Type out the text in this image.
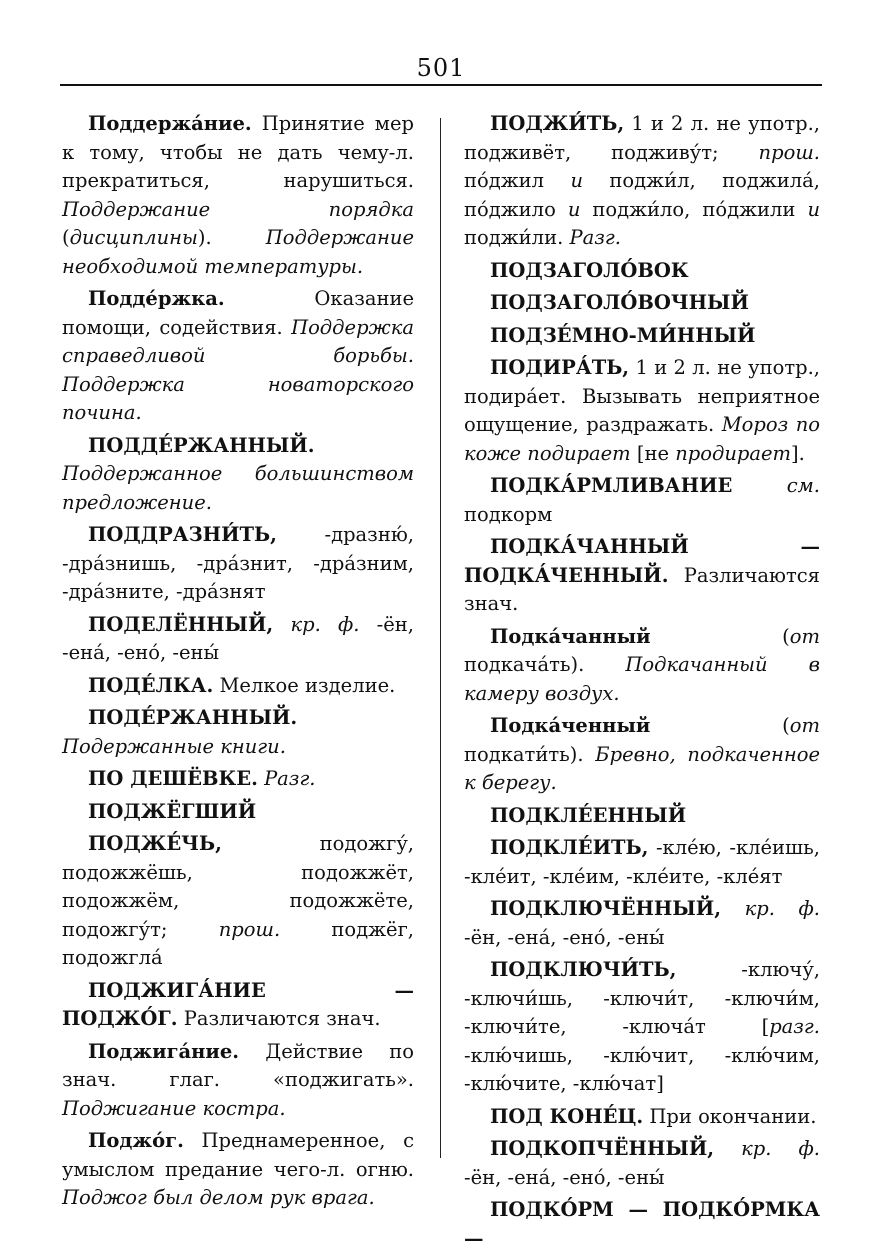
501
Поддержа́ние. Принятие мер к тому, чтобы не дать чему-л. прекратиться, нарушиться. Поддержание порядка (дисциплины). Поддержание необходимой температуры.
Подде́ржка. Оказание помощи, содействия. Поддержка справедливой борьбы. Поддержка новаторского почина.
ПОДДЕ́РЖАННЫЙ. Поддержанное большинством предложение.
ПОДДРАЗНИ́ТЬ, -дразню́, -дра́знишь, -дра́знит, -дра́зним, -дра́зните, -дра́знят
ПОДЕЛЁННЫЙ, кр. ф. -ён, -ена́, -ено́, -ены́
ПОДЕ́ЛКА. Мелкое изделие.
ПОДЕ́РЖАННЫЙ. Подержанные книги.
ПО ДЕШЁВКЕ. Разг.
ПОДЖЁГШИЙ
ПОДЖЕ́ЧЬ, подожгу́, подожжёшь, подожжёт, подожжём, подожжёте, подожгу́т; прош. поджёг, подожгла́
ПОДЖИГА́НИЕ — ПОДЖО́Г. Различаются знач.
Поджига́ние. Действие по знач. глаг. «поджигать». Поджигание костра.
Поджо́г. Преднамеренное, с умыслом предание чего-л. огню. Поджог был делом рук врага.
ПОДЖИ́ТЬ, 1 и 2 л. не употр., подживёт, подживу́т; прош. по́джил и поджи́л, поджила́, по́джило и поджи́ло, по́джили и поджи́ли. Разг.
ПОДЗАГОЛО́ВОК
ПОДЗАГОЛО́ВОЧНЫЙ
ПОДЗЕ́МНО-МИ́ННЫЙ
ПОДИРА́ТЬ, 1 и 2 л. не употр., подира́ет. Вызывать неприятное ощущение, раздражать. Мороз по коже подирает [не продирает].
ПОДКА́РМЛИВАНИЕ	см. подкорм
ПОДКА́ЧАННЫЙ — ПОДКА́ЧЕННЫЙ. Различаются знач.
Подка́чанный (от подкача́ть). Подкачанный в камеру воздух.
Подка́ченный (от подкати́ть). Бревно, подкаченное к берегу.
ПОДКЛЕ́ЕННЫЙ
ПОДКЛЕ́ИТЬ, -кле́ю, -кле́ишь, -кле́ит, -кле́им, -кле́ите, -кле́ят
ПОДКЛЮЧЁННЫЙ, кр. ф. -ён, -ена́, -ено́, -ены́
ПОДКЛЮЧИ́ТЬ, -ключу́, -ключи́шь, -ключи́т, -ключи́м, -ключи́те, -ключа́т [разг. -клю́чишь, -клю́чит, -клю́чим, -клю́чите, -клю́чат]
ПОД КОНЕ́Ц. При окончании.
ПОДКОПЧЁННЫЙ, кр. ф. -ён, -ена́, -ено́, -ены́
ПОДКО́РМ — ПОДКО́РМКА —
